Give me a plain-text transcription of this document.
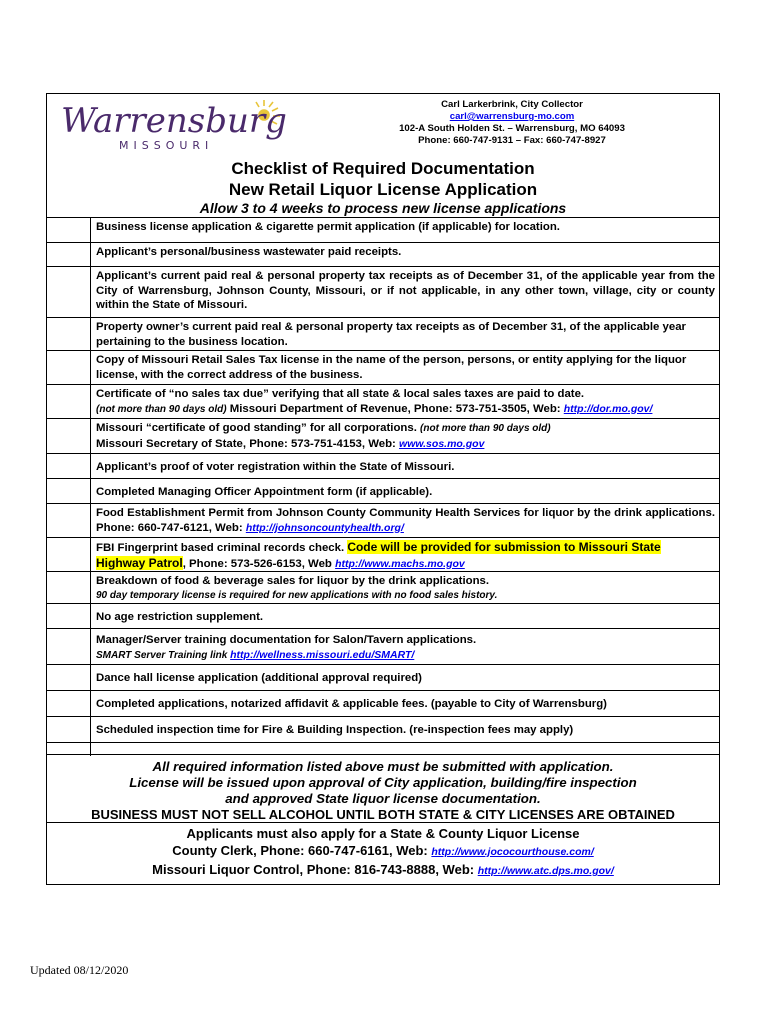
Warrensburg
MISSOURI
Carl Larkerbrink, City Collector
carl@warrensburg-mo.com
102-A South Holden St. – Warrensburg, MO 64093
Phone: 660-747-9131 – Fax: 660-747-8927
Checklist of Required Documentation
New Retail Liquor License Application
Allow 3 to 4 weeks to process new license applications
Business license application & cigarette permit application (if applicable) for location.
Applicant’s personal/business wastewater paid receipts.
Applicant’s current paid real & personal property tax receipts as of December 31, of the applicable year from the City of Warrensburg, Johnson County, Missouri, or if not applicable, in any other town, village, city or county within the State of Missouri.
Property owner’s current paid real & personal property tax receipts as of December 31, of the applicable year pertaining to the business location.
Copy of Missouri Retail Sales Tax license in the name of the person, persons, or entity applying for the liquor license, with the correct address of the business.
Certificate of “no sales tax due” verifying that all state & local sales taxes are paid to date.
(not more than 90 days old) Missouri Department of Revenue, Phone: 573-751-3505, Web: http://dor.mo.gov/
Missouri “certificate of good standing” for all corporations. (not more than 90 days old)
Missouri Secretary of State, Phone: 573-751-4153, Web: www.sos.mo.gov
Applicant’s proof of voter registration within the State of Missouri.
Completed Managing Officer Appointment form (if applicable).
Food Establishment Permit from Johnson County Community Health Services for liquor by the drink applications. Phone: 660-747-6121, Web: http://johnsoncountyhealth.org/
FBI Fingerprint based criminal records check. Code will be provided for submission to Missouri State
Highway Patrol, Phone: 573-526-6153, Web http://www.machs.mo.gov
Breakdown of food & beverage sales for liquor by the drink applications.
90 day temporary license is required for new applications with no food sales history.
No age restriction supplement.
Manager/Server training documentation for Salon/Tavern applications.
SMART Server Training link http://wellness.missouri.edu/SMART/
Dance hall license application (additional approval required)
Completed applications, notarized affidavit & applicable fees. (payable to City of Warrensburg)
Scheduled inspection time for Fire & Building Inspection. (re-inspection fees may apply)
All required information listed above must be submitted with application.
License will be issued upon approval of City application, building/fire inspection
and approved State liquor license documentation.
BUSINESS MUST NOT SELL ALCOHOL UNTIL BOTH STATE & CITY LICENSES ARE OBTAINED
Applicants must also apply for a State & County Liquor License
County Clerk, Phone: 660-747-6161, Web: http://www.jococourthouse.com/
Missouri Liquor Control, Phone: 816-743-8888, Web: http://www.atc.dps.mo.gov/
Updated 08/12/2020
